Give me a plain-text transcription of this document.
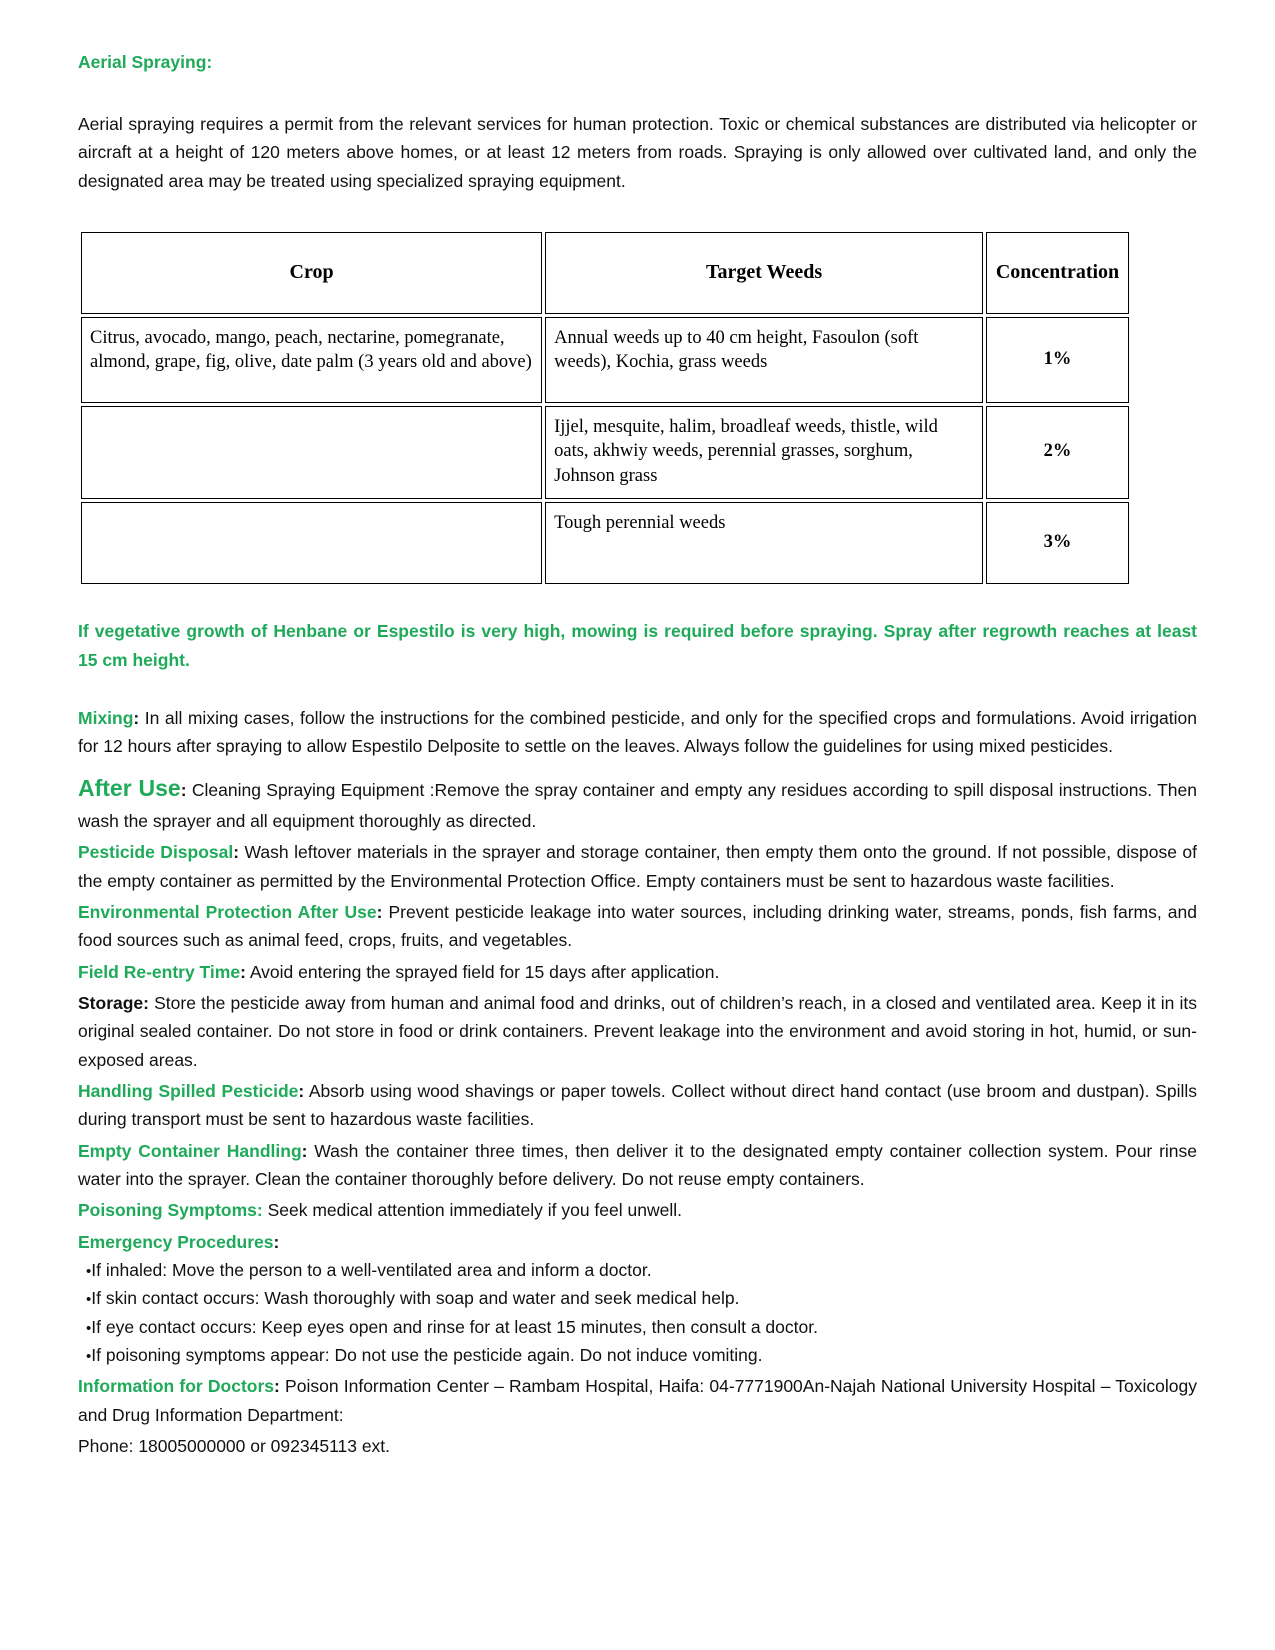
Aerial Spraying:
Aerial spraying requires a permit from the relevant services for human protection. Toxic or chemical substances are distributed via helicopter or aircraft at a height of 120 meters above homes, or at least 12 meters from roads. Spraying is only allowed over cultivated land, and only the designated area may be treated using specialized spraying equipment.
Crop	Target Weeds	Concentration
Citrus, avocado, mango, peach, nectarine, pomegranate, almond, grape, fig, olive, date palm (3 years old and above)	Annual weeds up to 40 cm height, Fasoulon (soft weeds), Kochia, grass weeds	1%
	Ijjel, mesquite, halim, broadleaf weeds, thistle, wild oats, akhwiy weeds, perennial grasses, sorghum, Johnson grass	2%
	Tough perennial weeds	3%
If vegetative growth of Henbane or Espestilo is very high, mowing is required before spraying. Spray after regrowth reaches at least 15 cm height.
Mixing: In all mixing cases, follow the instructions for the combined pesticide, and only for the specified crops and formulations. Avoid irrigation for 12 hours after spraying to allow Espestilo Delposite to settle on the leaves. Always follow the guidelines for using mixed pesticides.
After Use: Cleaning Spraying Equipment :Remove the spray container and empty any residues according to spill disposal instructions. Then wash the sprayer and all equipment thoroughly as directed.
Pesticide Disposal: Wash leftover materials in the sprayer and storage container, then empty them onto the ground. If not possible, dispose of the empty container as permitted by the Environmental Protection Office. Empty containers must be sent to hazardous waste facilities.
Environmental Protection After Use: Prevent pesticide leakage into water sources, including drinking water, streams, ponds, fish farms, and food sources such as animal feed, crops, fruits, and vegetables.
Field Re-entry Time: Avoid entering the sprayed field for 15 days after application.
Storage: Store the pesticide away from human and animal food and drinks, out of children’s reach, in a closed and ventilated area. Keep it in its original sealed container. Do not store in food or drink containers. Prevent leakage into the environment and avoid storing in hot, humid, or sun-exposed areas.
Handling Spilled Pesticide: Absorb using wood shavings or paper towels. Collect without direct hand contact (use broom and dustpan). Spills during transport must be sent to hazardous waste facilities.
Empty Container Handling: Wash the container three times, then deliver it to the designated empty container collection system. Pour rinse water into the sprayer. Clean the container thoroughly before delivery. Do not reuse empty containers.
Poisoning Symptoms: Seek medical attention immediately if you feel unwell.
Emergency Procedures:
•If inhaled: Move the person to a well-ventilated area and inform a doctor.
•If skin contact occurs: Wash thoroughly with soap and water and seek medical help.
•If eye contact occurs: Keep eyes open and rinse for at least 15 minutes, then consult a doctor.
•If poisoning symptoms appear: Do not use the pesticide again. Do not induce vomiting.
Information for Doctors: Poison Information Center – Rambam Hospital, Haifa: 04-7771900An-Najah National University Hospital – Toxicology and Drug Information Department:
Phone: 18005000000 or 092345113 ext.
